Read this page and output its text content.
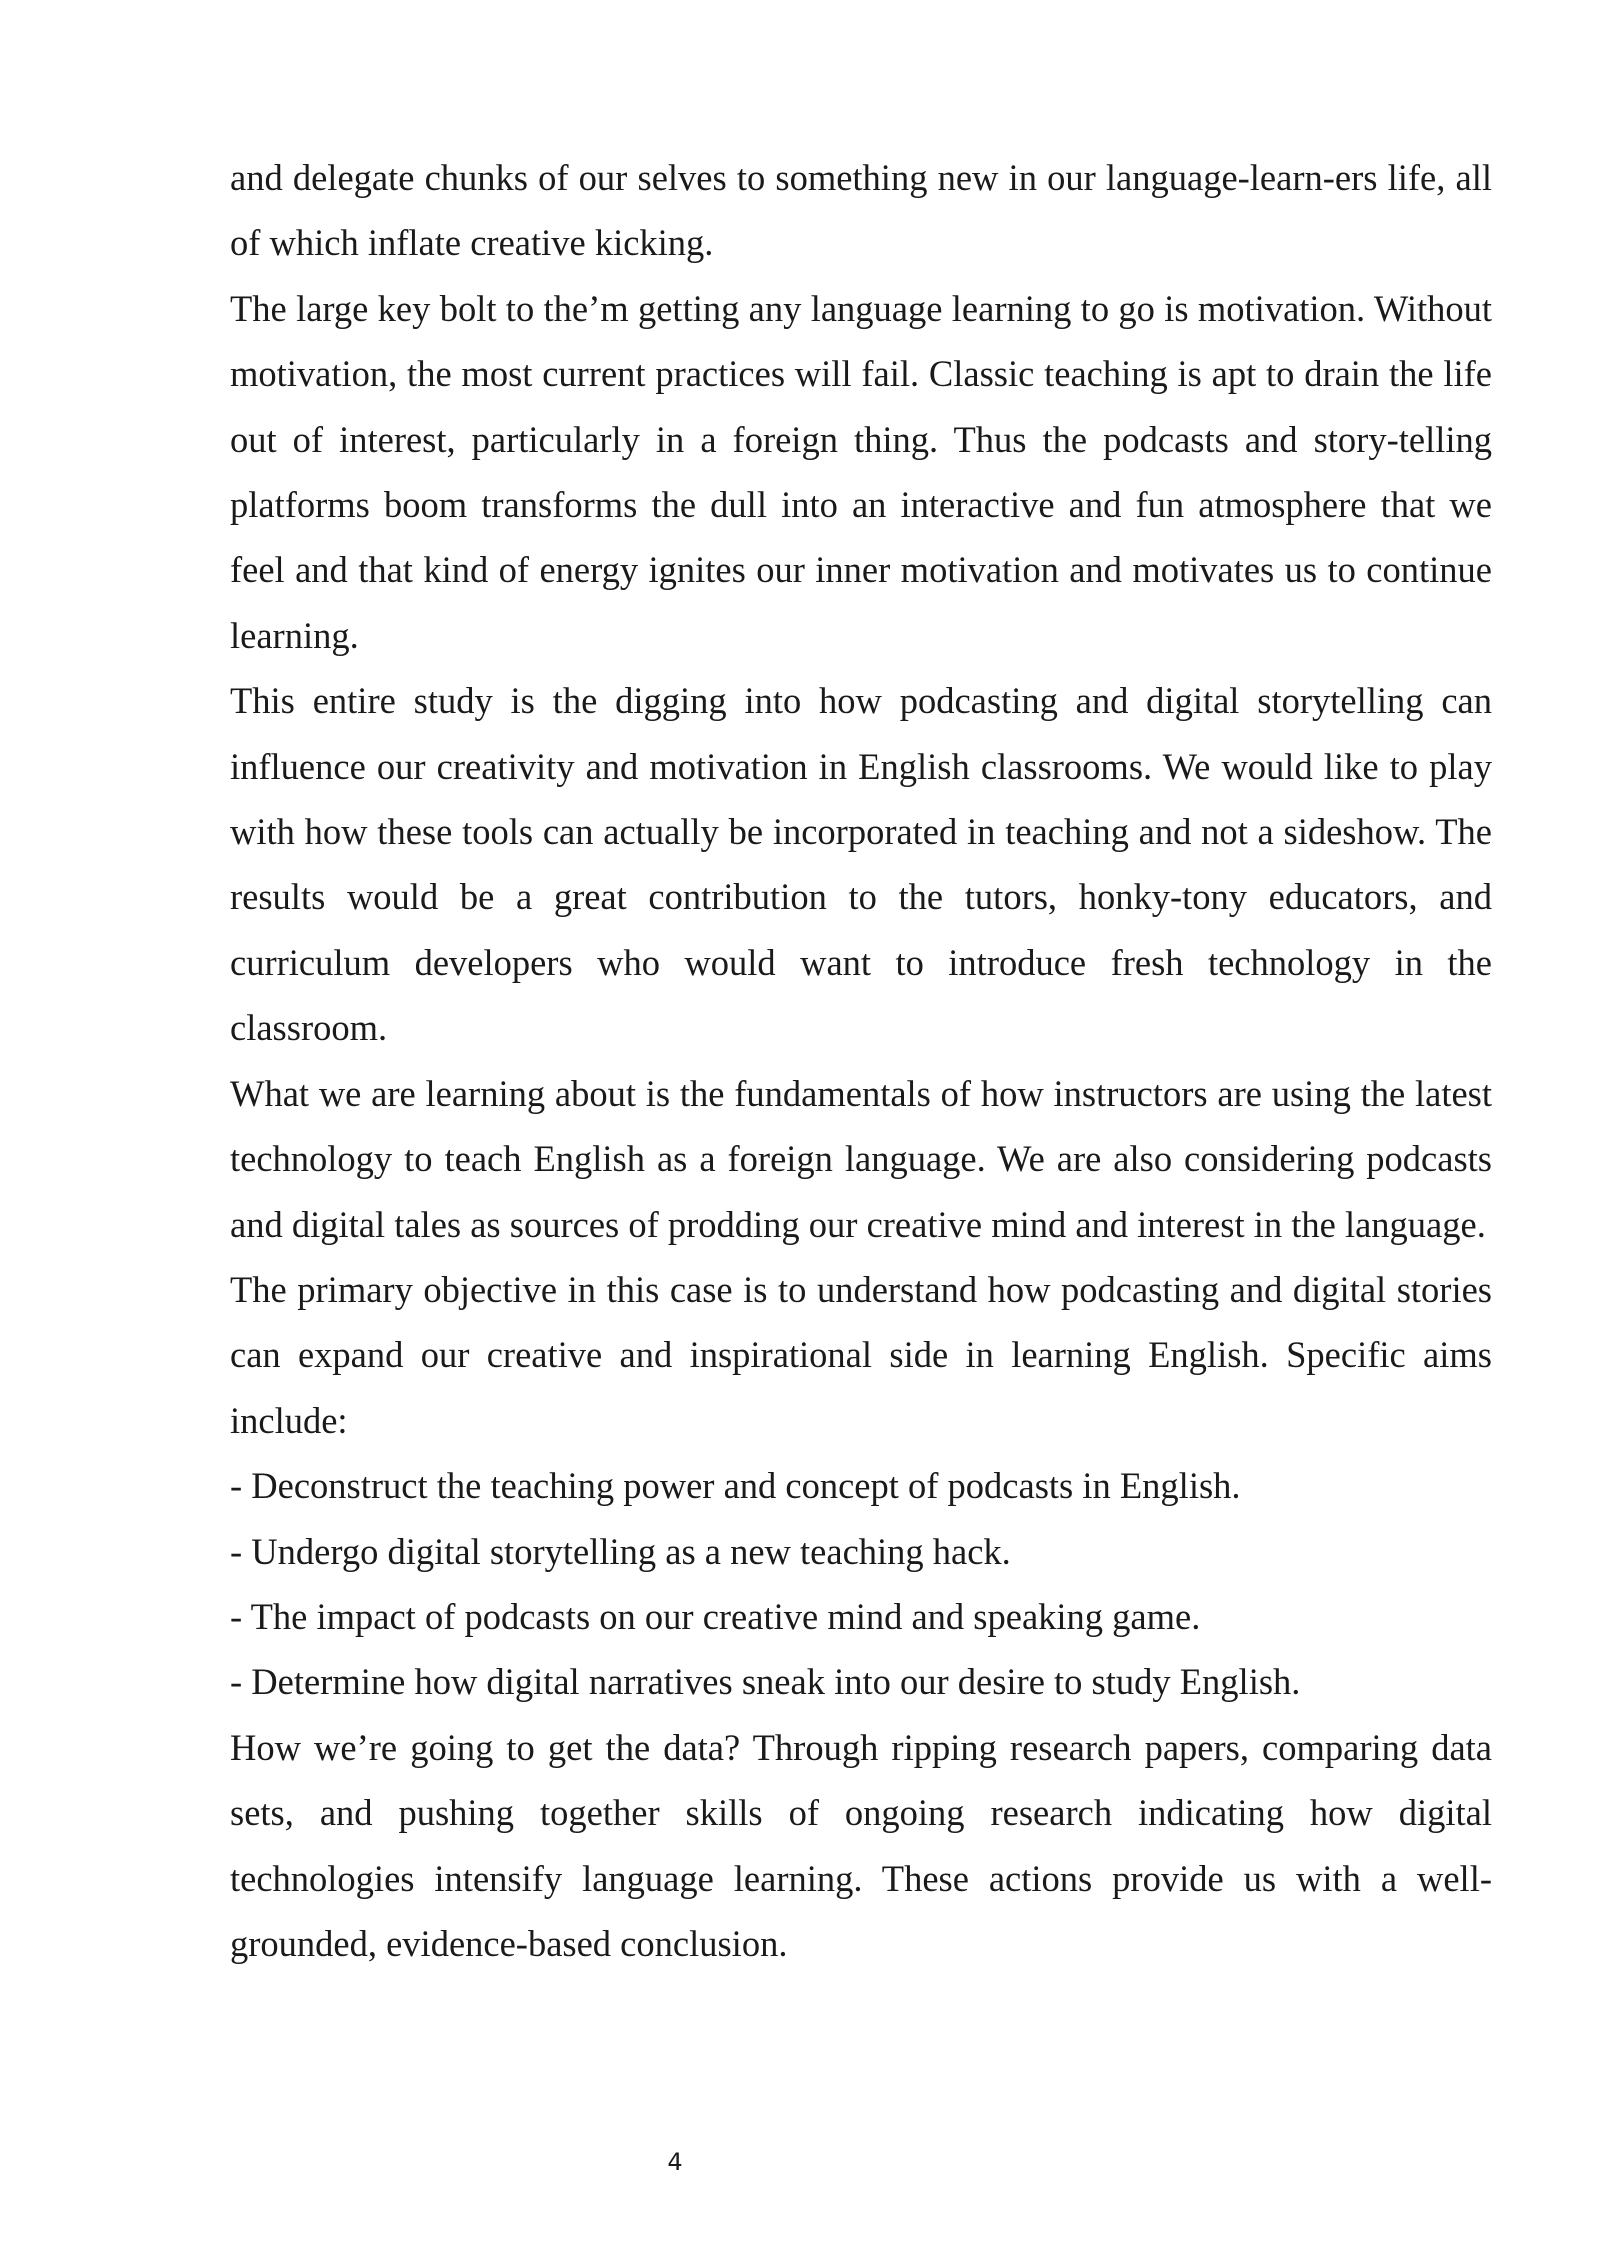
and delegate chunks of our selves to something new in our language-learn-ers life, all of which inflate creative kicking.

The large key bolt to the’m getting any language learning to go is motivation. Without motivation, the most current practices will fail. Classic teaching is apt to drain the life out of interest, particularly in a foreign thing. Thus the podcasts and story-telling platforms boom transforms the dull into an interactive and fun atmosphere that we feel and that kind of energy ignites our inner motivation and motivates us to continue learning.

This entire study is the digging into how podcasting and digital storytelling can influence our creativity and motivation in English classrooms. We would like to play with how these tools can actually be incorporated in teaching and not a sideshow. The results would be a great contribution to the tutors, honky-tony educators, and curriculum developers who would want to introduce fresh technology in the classroom.

What we are learning about is the fundamentals of how instructors are using the latest technology to teach English as a foreign language. We are also considering podcasts and digital tales as sources of prodding our creative mind and interest in the language.

The primary objective in this case is to understand how podcasting and digital stories can expand our creative and inspirational side in learning English. Specific aims include:

- Deconstruct the teaching power and concept of podcasts in English.

- Undergo digital storytelling as a new teaching hack.

- The impact of podcasts on our creative mind and speaking game.

- Determine how digital narratives sneak into our desire to study English.

How we’re going to get the data? Through ripping research papers, comparing data sets, and pushing together skills of ongoing research indicating how digital technologies intensify language learning. These actions provide us with a well-grounded, evidence-based conclusion.

4
